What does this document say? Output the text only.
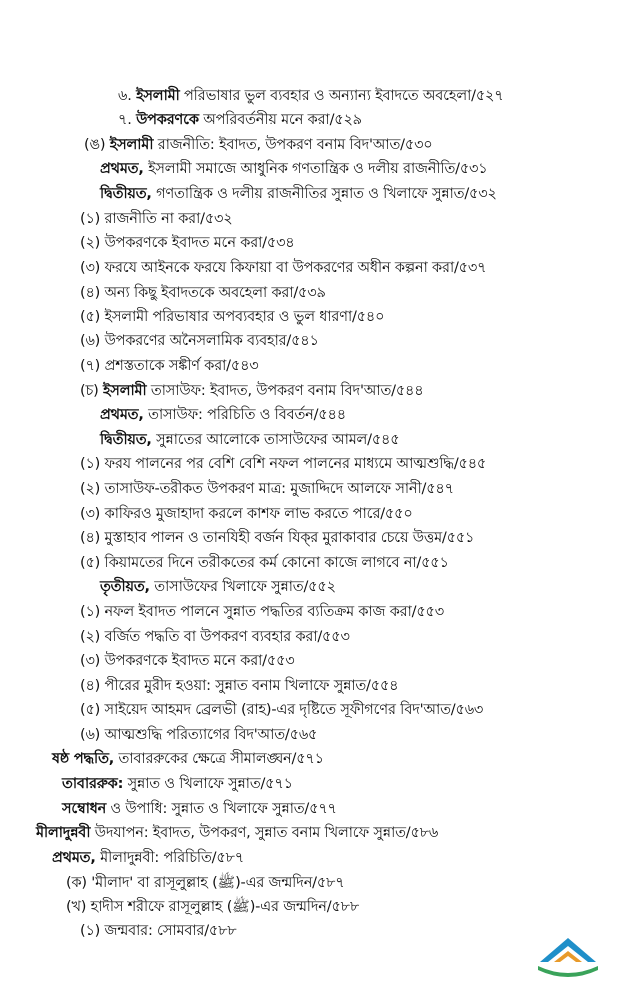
৬. ইসলামী পরিভাষার ভুল ব্যবহার ও অন্যান্য ইবাদতে অবহেলা/৫২৭
৭. উপকরণকে অপরিবর্তনীয় মনে করা/৫২৯
(ঙ) ইসলামী রাজনীতি: ইবাদত, উপকরণ বনাম বিদ'আত/৫৩০
প্রথমত, ইসলামী সমাজে আধুনিক গণতান্ত্রিক ও দলীয় রাজনীতি/৫৩১
দ্বিতীয়ত, গণতান্ত্রিক ও দলীয় রাজনীতির সুন্নাত ও খিলাফে সুন্নাত/৫৩২
(১) রাজনীতি না করা/৫৩২
(২) উপকরণকে ইবাদত মনে করা/৫৩৪
(৩) ফরযে আইনকে ফরযে কিফায়া বা উপকরণের অধীন কল্পনা করা/৫৩৭
(৪) অন্য কিছু ইবাদতকে অবহেলা করা/৫৩৯
(৫) ইসলামী পরিভাষার অপব্যবহার ও ভুল ধারণা/৫৪০
(৬) উপকরণের অনৈসলামিক ব্যবহার/৫৪১
(৭) প্রশস্ততাকে সঙ্কীর্ণ করা/৫৪৩
(চ) ইসলামী তাসাউফ: ইবাদত, উপকরণ বনাম বিদ'আত/৫৪৪
প্রথমত, তাসাউফ: পরিচিতি ও বিবর্তন/৫৪৪
দ্বিতীয়ত, সুন্নাতের আলোকে তাসাউফের আমল/৫৪৫
(১) ফরয পালনের পর বেশি বেশি নফল পালনের মাধ্যমে আত্মশুদ্ধি/৫৪৫
(২) তাসাউফ-তরীকত উপকরণ মাত্র: মুজাদ্দিদে আলফে সানী/৫৪৭
(৩) কাফিরও মুজাহাদা করলে কাশফ লাভ করতে পারে/৫৫০
(৪) মুস্তাহাব পালন ও তানযিহী বর্জন যিক্‌র মুরাকাবার চেয়ে উত্তম/৫৫১
(৫) কিয়ামতের দিনে তরীকতের কর্ম কোনো কাজে লাগবে না/৫৫১
তৃতীয়ত, তাসাউফের খিলাফে সুন্নাত/৫৫২
(১) নফল ইবাদত পালনে সুন্নাত পদ্ধতির ব্যতিক্রম কাজ করা/৫৫৩
(২) বর্জিত পদ্ধতি বা উপকরণ ব্যবহার করা/৫৫৩
(৩) উপকরণকে ইবাদত মনে করা/৫৫৩
(৪) পীরের মুরীদ হওয়া: সুন্নাত বনাম খিলাফে সুন্নাত/৫৫৪
(৫) সাইয়েদ আহমদ ব্রেলভী (রাহ)-এর দৃষ্টিতে সূফীগণের বিদ'আত/৫৬৩
(৬) আত্মশুদ্ধি পরিত্যাগের বিদ'আত/৫৬৫
ষষ্ঠ পদ্ধতি, তাবাররুকের ক্ষেত্রে সীমালঙ্ঘন/৫৭১
তাবাররুক: সুন্নাত ও খিলাফে সুন্নাত/৫৭১
সম্বোধন ও উপাধি: সুন্নাত ও খিলাফে সুন্নাত/৫৭৭
মীলাদুন্নবী উদযাপন: ইবাদত, উপকরণ, সুন্নাত বনাম খিলাফে সুন্নাত/৫৮৬
প্রথমত, মীলাদুন্নবী: পরিচিতি/৫৮৭
(ক) 'মীলাদ' বা রাসূলুল্লাহ (ﷺ)-এর জন্মদিন/৫৮৭
(খ) হাদীস শরীফে রাসূলুল্লাহ (ﷺ)-এর জন্মদিন/৫৮৮
(১) জন্মবার: সোমবার/৫৮৮
